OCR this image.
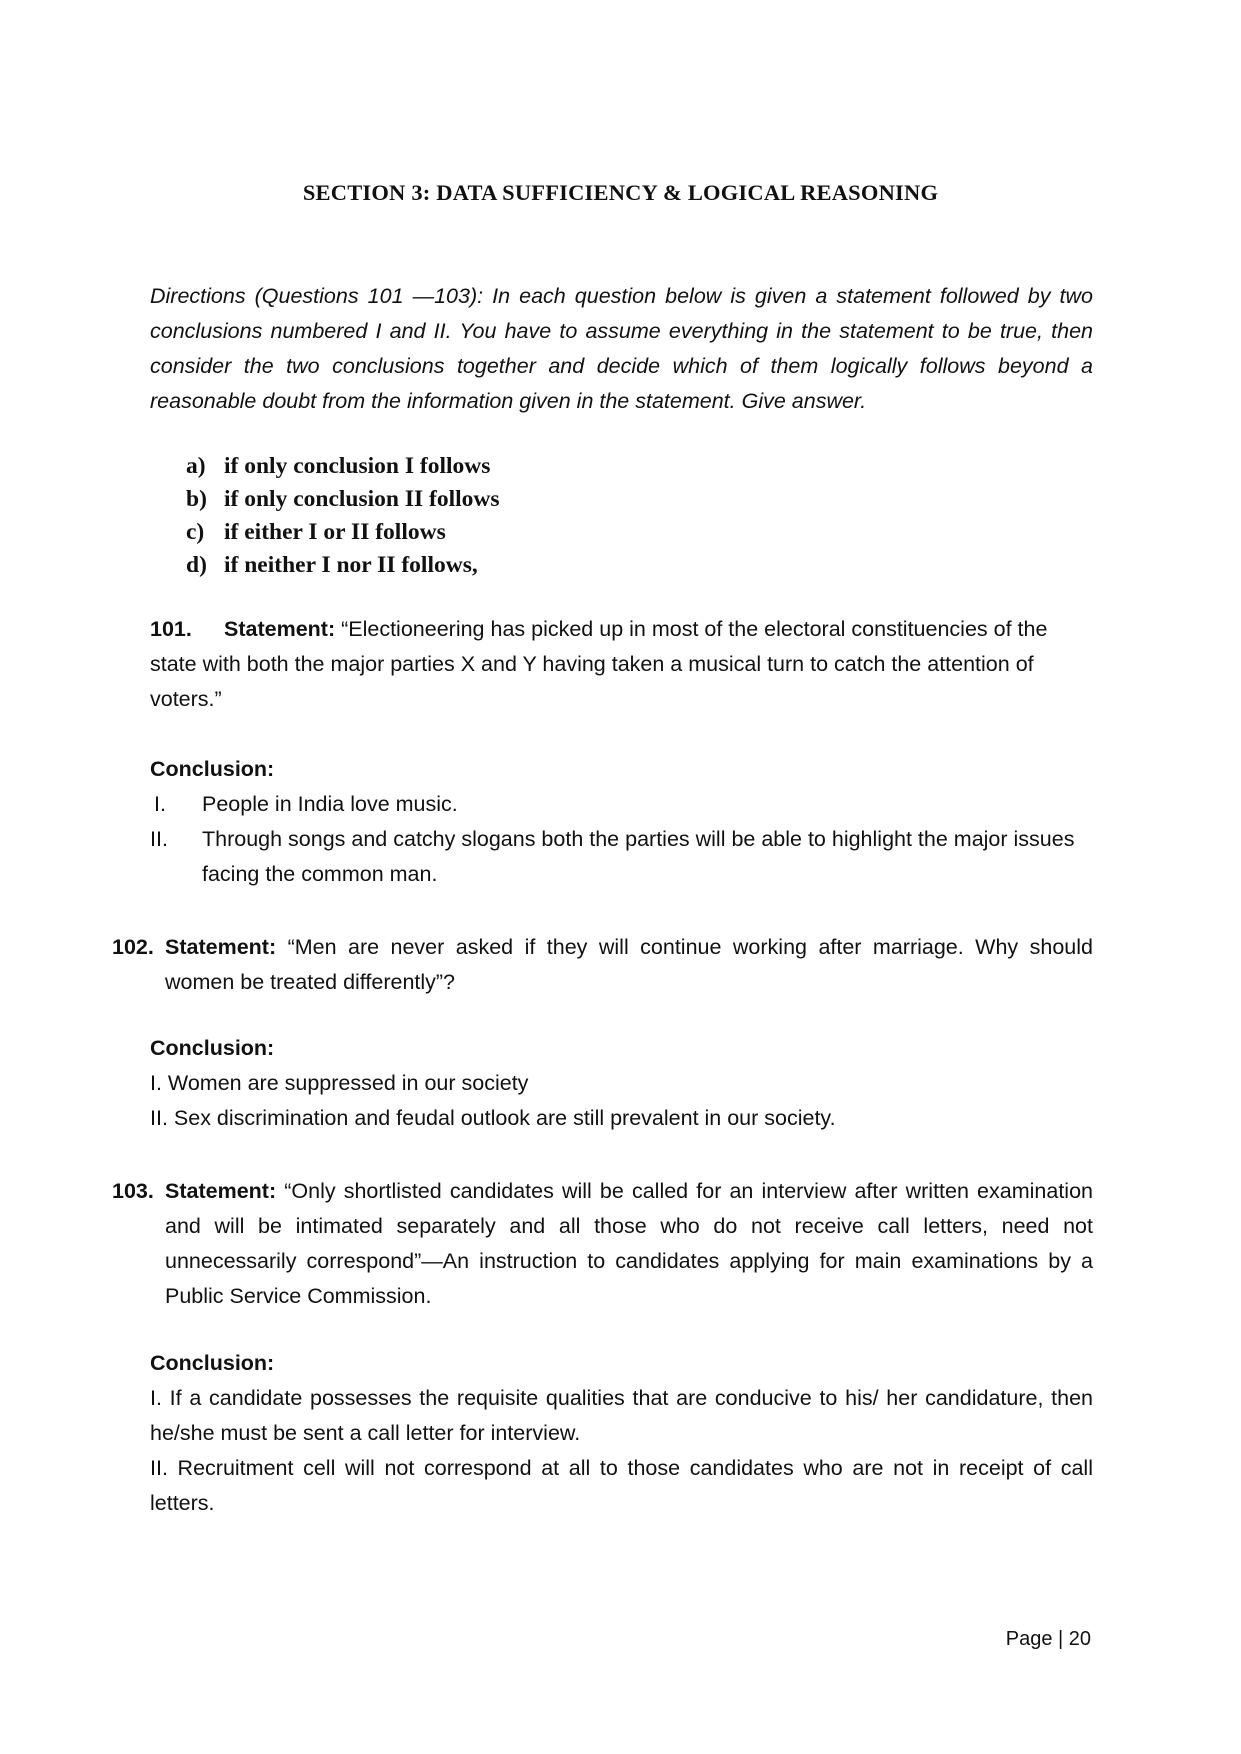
SECTION 3: DATA SUFFICIENCY & LOGICAL REASONING

Directions (Questions 101 —103): In each question below is given a statement followed by two conclusions numbered I and II. You have to assume everything in the statement to be true, then consider the two conclusions together and decide which of them logically follows beyond a reasonable doubt from the information given in the statement. Give answer.

a) if only conclusion I follows
b) if only conclusion II follows
c) if either I or II follows
d) if neither I nor II follows,

101. Statement: “Electioneering has picked up in most of the electoral constituencies of the state with both the major parties X and Y having taken a musical turn to catch the attention of voters.”

Conclusion:

I. People in India love music.
II. Through songs and catchy slogans both the parties will be able to highlight the major issues facing the common man.

102. Statement: “Men are never asked if they will continue working after marriage. Why should women be treated differently”?

Conclusion:

I. Women are suppressed in our society
II. Sex discrimination and feudal outlook are still prevalent in our society.

103. Statement: “Only shortlisted candidates will be called for an interview after written examination and will be intimated separately and all those who do not receive call letters, need not unnecessarily correspond”—An instruction to candidates applying for main examinations by a Public Service Commission.

Conclusion:

I. If a candidate possesses the requisite qualities that are conducive to his/ her candidature, then he/she must be sent a call letter for interview.
II. Recruitment cell will not correspond at all to those candidates who are not in receipt of call letters.
Page | 20
